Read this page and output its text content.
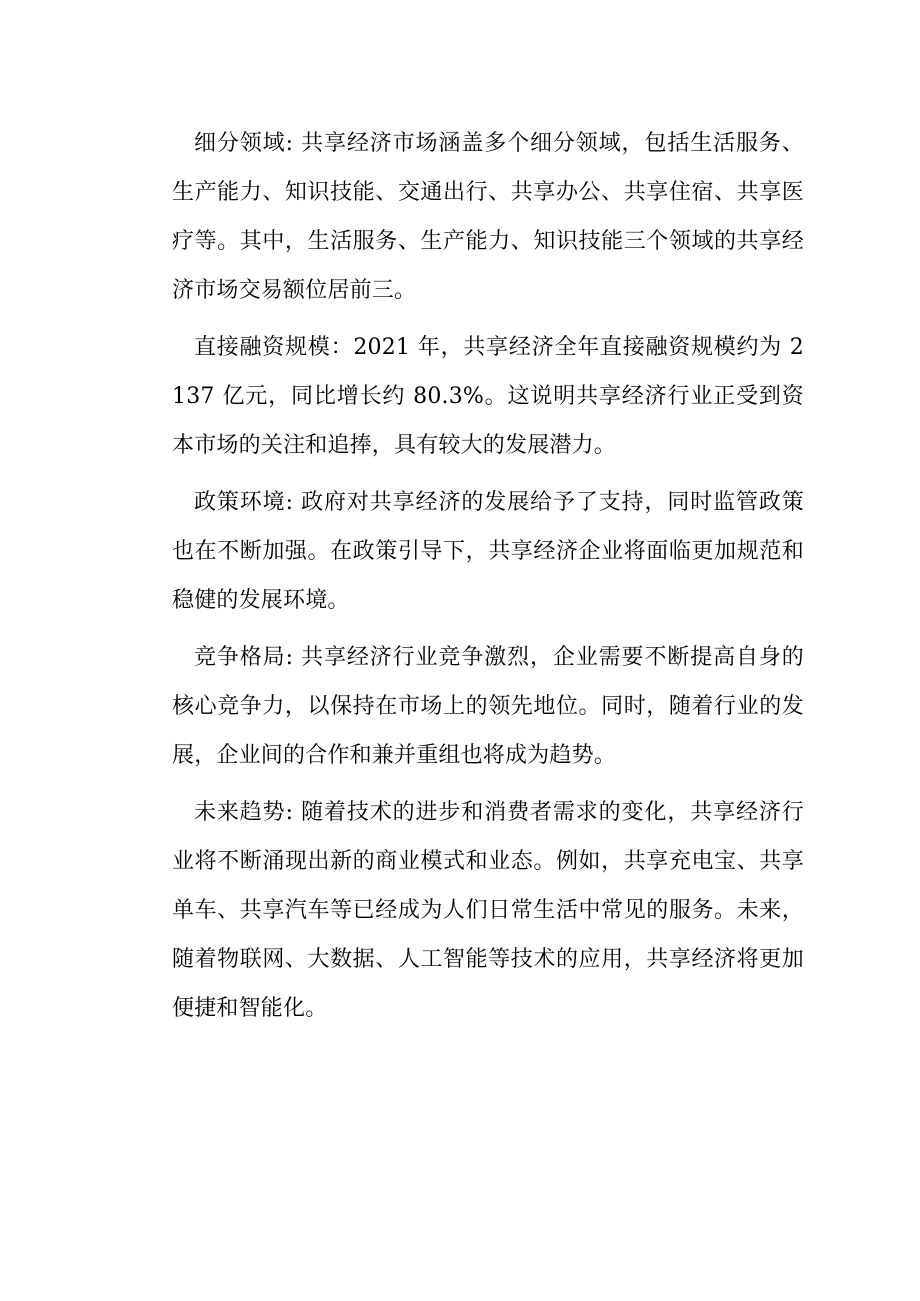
细分领域: 共享经济市场涵盖多个细分领域，包括生活服务、生产能力、知识技能、交通出行、共享办公、共享住宿、共享医疗等。其中，生活服务、生产能力、知识技能三个领域的共享经济市场交易额位居前三。

直接融资规模：2021 年，共享经济全年直接融资规模约为 2137 亿元，同比增长约 80.3%。这说明共享经济行业正受到资本市场的关注和追捧，具有较大的发展潜力。

政策环境: 政府对共享经济的发展给予了支持，同时监管政策也在不断加强。在政策引导下，共享经济企业将面临更加规范和稳健的发展环境。

竞争格局: 共享经济行业竞争激烈，企业需要不断提高自身的核心竞争力，以保持在市场上的领先地位。同时，随着行业的发展，企业间的合作和兼并重组也将成为趋势。

未来趋势: 随着技术的进步和消费者需求的变化，共享经济行业将不断涌现出新的商业模式和业态。例如，共享充电宝、共享单车、共享汽车等已经成为人们日常生活中常见的服务。未来，随着物联网、大数据、人工智能等技术的应用，共享经济将更加便捷和智能化。
